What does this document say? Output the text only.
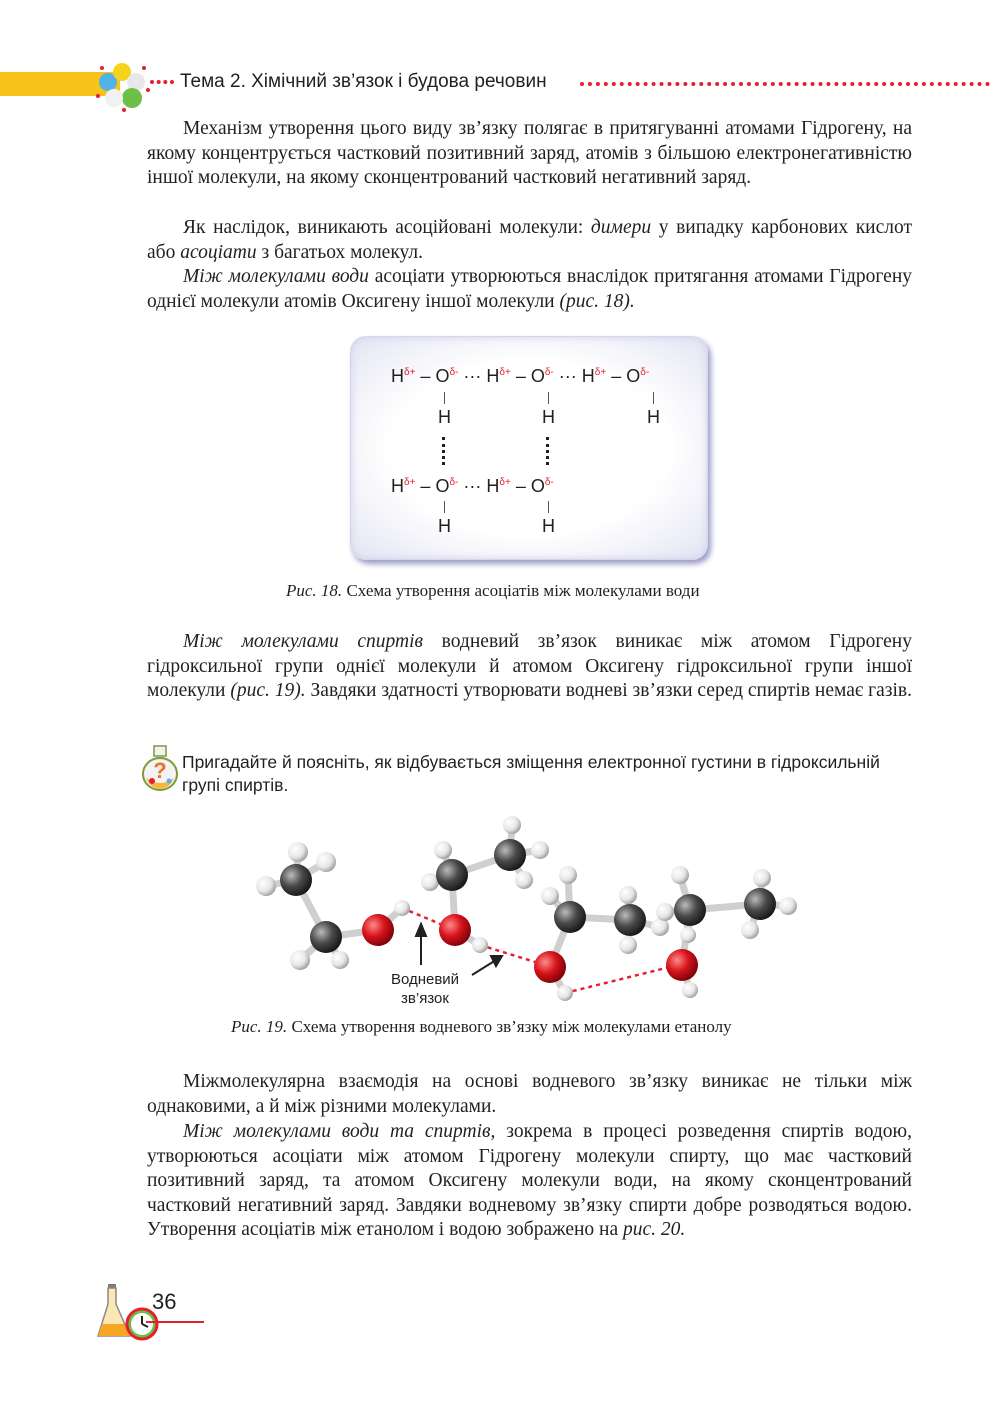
Тема 2. Хімічний зв’язок і будова речовин

Механізм утворення цього виду зв’язку полягає в притягуванні атомами Гідрогену, на якому концентрується частковий позитивний заряд, атомів з більшою електронегативністю іншої молекули, на якому сконцентрований частковий негативний заряд.

Як наслідок, виникають асоційовані молекули: димери у випадку карбонових кислот або асоціати з багатьох молекул.

Між молекулами води асоціати утворюються внаслідок притягання атомами Гідрогену однієї молекули атомів Оксигену іншої молекули (рис. 18).

$H^{\delta+} - O^{\delta-}$ ··· $H^{\delta+} - O^{\delta-}$ ··· $H^{\delta+} - O^{\delta-}$
H	H	H
$H^{\delta+} - O^{\delta-}$ ··· $H^{\delta+} - O^{\delta-}$
H	H
Рис. 18. Схема утворення асоціатів між молекулами води

Між молекулами спиртів водневий зв’язок виникає між атомом Гідрогену гідроксильної групи однієї молекули й атомом Оксигену гідроксильної групи іншої молекули (рис. 19). Завдяки здатності утворювати водневі зв’язки серед спиртів немає газів.

? Пригадайте й поясніть, як відбувається зміщення електронної густини в гідроксильній групі спиртів.
Водневий
зв’язок
Рис. 19. Схема утворення водневого зв’язку між молекулами етанолу

Міжмолекулярна взаємодія на основі водневого зв’язку виникає не тільки між однаковими, а й між різними молекулами.

Між молекулами води та спиртів, зокрема в процесі розведення спиртів водою, утворюються асоціати між атомом Гідрогену молекули спирту, що має частковий позитивний заряд, та атомом Оксигену молекули води, на якому сконцентрований частковий негативний заряд. Завдяки водневому зв’язку спирти добре розводяться водою. Утворення асоціатів між етанолом і водою зображено на рис. 20.

36
